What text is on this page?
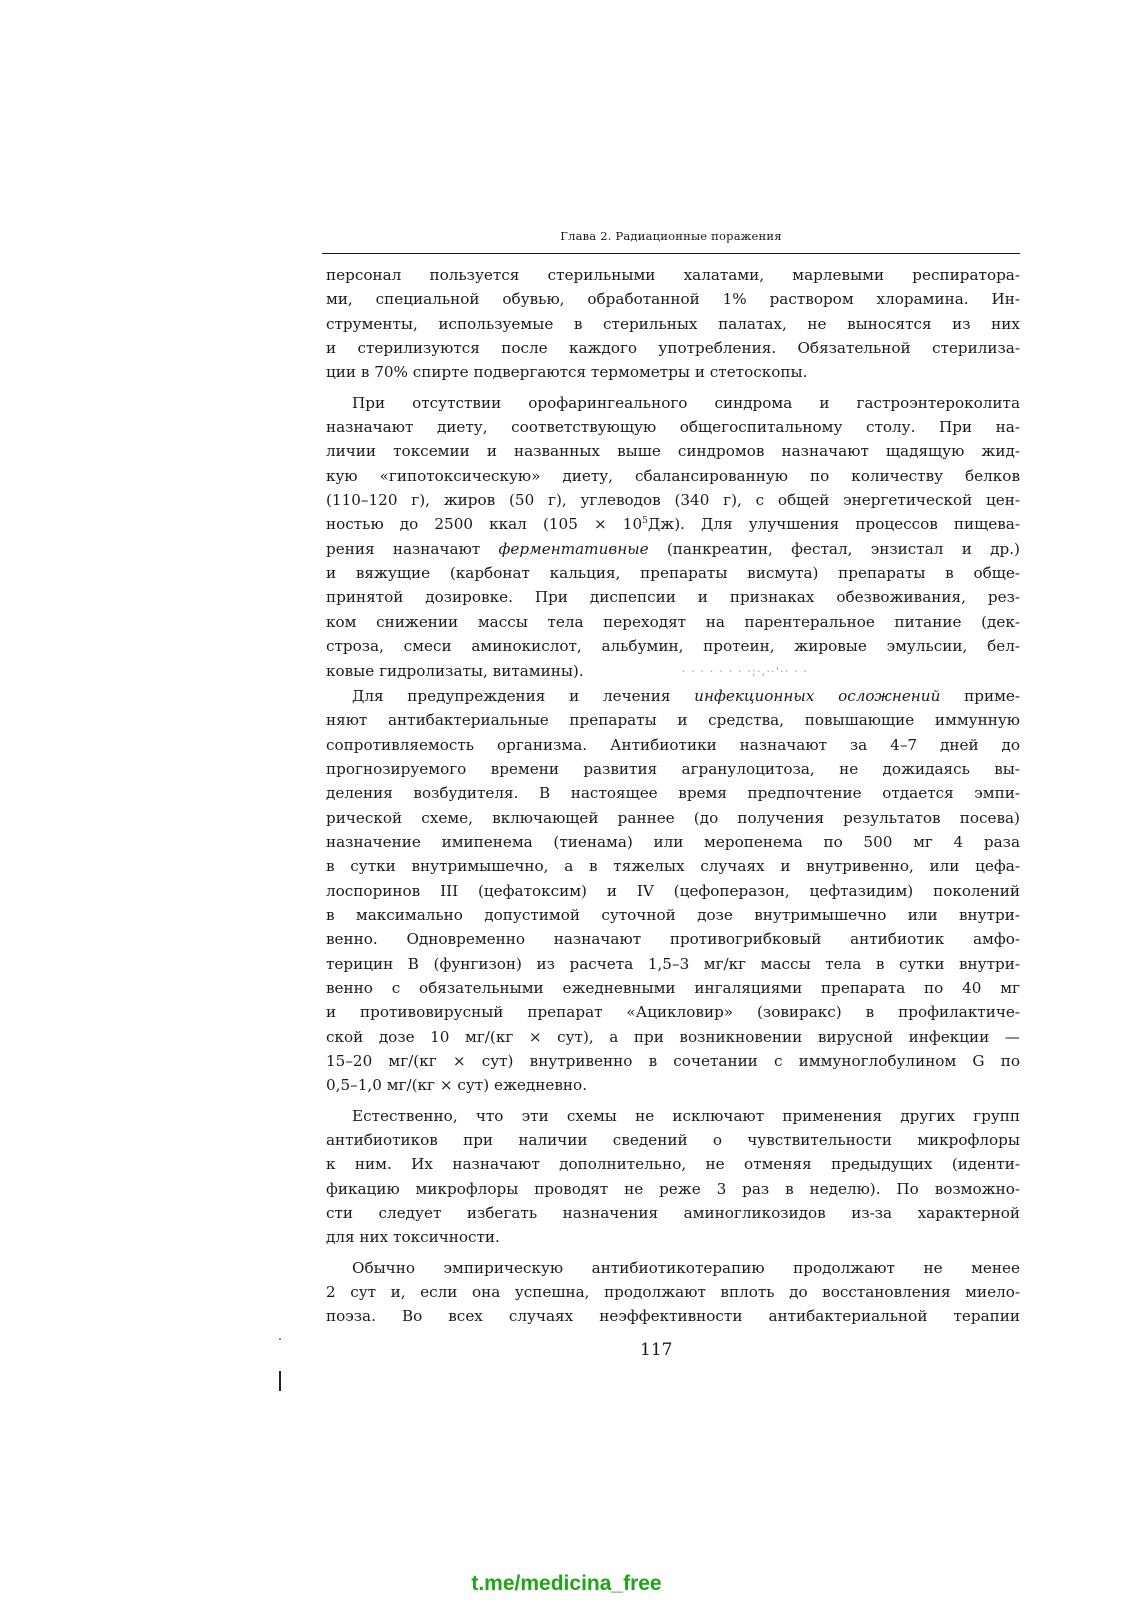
Глава 2. Радиационные поражения
персонал пользуется стерильными халатами, марлевыми респиратора-
ми, специальной обувью, обработанной 1% раствором хлорамина. Ин-
струменты, используемые в стерильных палатах, не выносятся из них
и стерилизуются после каждого употребления. Обязательной стерилиза-
ции в 70% спирте подвергаются термометры и стетоскопы.
При отсутствии орофарингеального синдрома и гастроэнтероколита
назначают диету, соответствующую общегоспитальному столу. При на-
личии токсемии и названных выше синдромов назначают щадящую жид-
кую «гипотоксическую» диету, сбалансированную по количеству белков
(110–120 г), жиров (50 г), углеводов (340 г), с общей энергетической цен-
ностью до 2500 ккал $(105 \times 10^5Дж)$. Для улучшения процессов пищева-
рения назначают ферментативные (панкреатин, фестал, энзистал и др.)
и вяжущие (карбонат кальция, препараты висмута) препараты в обще-
принятой дозировке. При диспепсии и признаках обезвоживания, рез-
ком снижении массы тела переходят на парентеральное питание (дек-
строза, смеси аминокислот, альбумин, протеин, жировые эмульсии, бел-
ковые гидролизаты, витамины).	· · · · · · · ·;·,··'·· · ·
Для предупреждения и лечения инфекционных осложнений приме-
няют антибактериальные препараты и средства, повышающие иммунную
сопротивляемость организма. Антибиотики назначают за 4–7 дней до
прогнозируемого времени развития агранулоцитоза, не дожидаясь вы-
деления возбудителя. В настоящее время предпочтение отдается эмпи-
рической схеме, включающей раннее (до получения результатов посева)
назначение имипенема (тиенама) или меропенема по 500 мг 4 раза
в сутки внутримышечно, а в тяжелых случаях и внутривенно, или цефа-
лоспоринов III (цефатоксим) и IV (цефоперазон, цефтазидим) поколений
в максимально допустимой суточной дозе внутримышечно или внутри-
венно. Одновременно назначают противогрибковый антибиотик амфо-
терицин В (фунгизон) из расчета 1,5–3 мг/кг массы тела в сутки внутри-
венно с обязательными ежедневными ингаляциями препарата по 40 мг
и противовирусный препарат «Ацикловир» (зовиракс) в профилактиче-
ской дозе 10 мг/(кг × сут), а при возникновении вирусной инфекции —
15–20 мг/(кг × сут) внутривенно в сочетании с иммуноглобулином G по
0,5–1,0 мг/(кг × сут) ежедневно.
Естественно, что эти схемы не исключают применения других групп
антибиотиков при наличии сведений о чувствительности микрофлоры
к ним. Их назначают дополнительно, не отменяя предыдущих (иденти-
фикацию микрофлоры проводят не реже 3 раз в неделю). По возможно-
сти следует избегать назначения аминогликозидов из-за характерной
для них токсичности.
Обычно эмпирическую антибиотикотерапию продолжают не менее
2 сут и, если она успешна, продолжают вплоть до восстановления миело-
поэза. Во всех случаях неэффективности антибактериальной терапии
117
t.me/medicina_free
